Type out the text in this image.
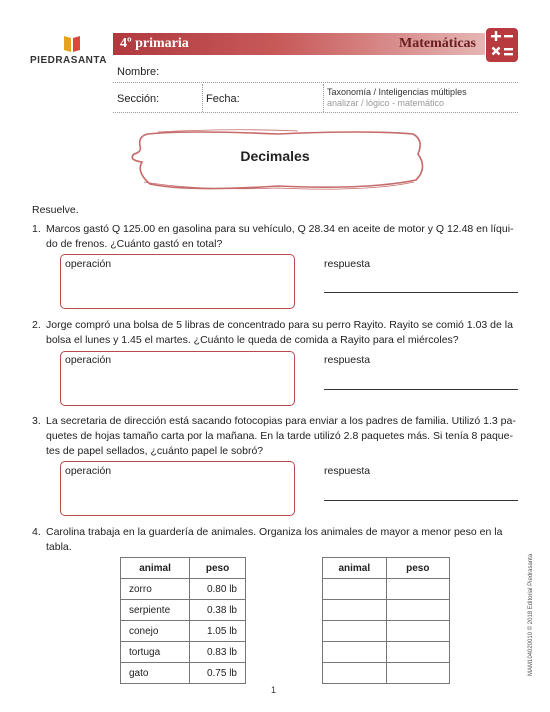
PIEDRASANTA
4º primaria	Matemáticas
Nombre:
Sección:	Fecha:
Taxonomía / Inteligencias múltiples
analizar / lógico - matemático
Decimales
Resuelve.
1. Marcos gastó Q 125.00 en gasolina para su vehículo, Q 28.34 en aceite de motor y Q 12.48 en líqui-
do de frenos. ¿Cuánto gastó en total?
operación	respuesta
2. Jorge compró una bolsa de 5 libras de concentrado para su perro Rayito. Rayito se comió 1.03 de la
bolsa el lunes y 1.45 el martes. ¿Cuánto le queda de comida a Rayito para el miércoles?
operación	respuesta
3. La secretaria de dirección está sacando fotocopias para enviar a los padres de familia. Utilizó 1.3 pa-
quetes de hojas tamaño carta por la mañana. En la tarde utilizó 2.8 paquetes más. Si tenía 8 paque-
tes de papel sellados, ¿cuánto papel le sobró?
operación	respuesta
4. Carolina trabaja en la guardería de animales. Organiza los animales de mayor a menor peso en la
tabla.
animal	peso
zorro	0.80 lb
serpiente	0.38 lb
conejo	1.05 lb
tortuga	0.83 lb
gato	0.75 lb
animal	peso

		MAM104020010 © 2018 Editorial Piedrasanta
1
